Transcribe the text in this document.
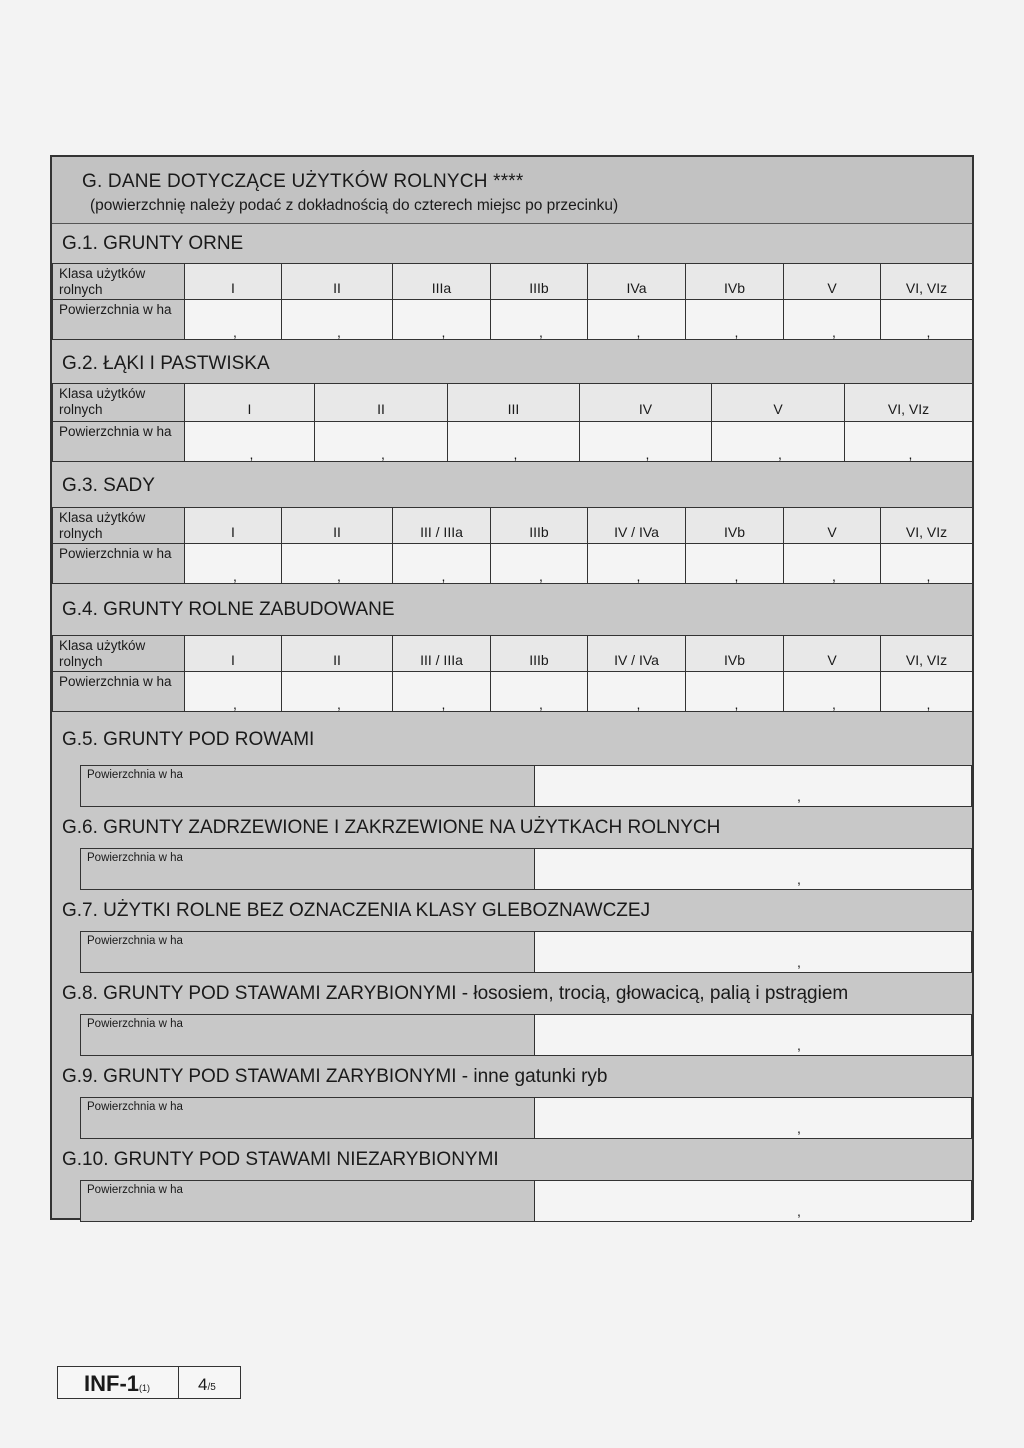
G. DANE DOTYCZĄCE UŻYTKÓW ROLNYCH ****
(powierzchnię należy podać z dokładnością do czterech miejsc po przecinku)
G.1. GRUNTY ORNE
Klasa użytków rolnych	I	II	IIIa	IIIb	IVa	IVb	V	VI, VIz
Powierzchnia w ha	,	,	,	,	,	,	,	,
G.2. ŁĄKI I PASTWISKA
Klasa użytków rolnych	I	II	III	IV	V	VI, VIz
Powierzchnia w ha	,	,	,	,	,	,
G.3. SADY
Klasa użytków rolnych	I	II	III / IIIa	IIIb	IV / IVa	IVb	V	VI, VIz
Powierzchnia w ha	,	,	,	,	,	,	,	,
G.4. GRUNTY ROLNE ZABUDOWANE
Klasa użytków rolnych	I	II	III / IIIa	IIIb	IV / IVa	IVb	V	VI, VIz
Powierzchnia w ha	,	,	,	,	,	,	,	,
G.5. GRUNTY POD ROWAMI
Powierzchnia w ha	
,
G.6. GRUNTY ZADRZEWIONE I ZAKRZEWIONE NA UŻYTKACH ROLNYCH
Powierzchnia w ha	
,
G.7. UŻYTKI ROLNE BEZ OZNACZENIA KLASY GLEBOZNAWCZEJ
Powierzchnia w ha	
,
G.8. GRUNTY POD STAWAMI ZARYBIONYMI - łososiem, trocią, głowacicą, palią i pstrągiem
Powierzchnia w ha	
,
G.9. GRUNTY POD STAWAMI ZARYBIONYMI - inne gatunki ryb
Powierzchnia w ha	
,
G.10. GRUNTY POD STAWAMI NIEZARYBIONYMI
Powierzchnia w ha	
,
INF-1(1)	4/5
